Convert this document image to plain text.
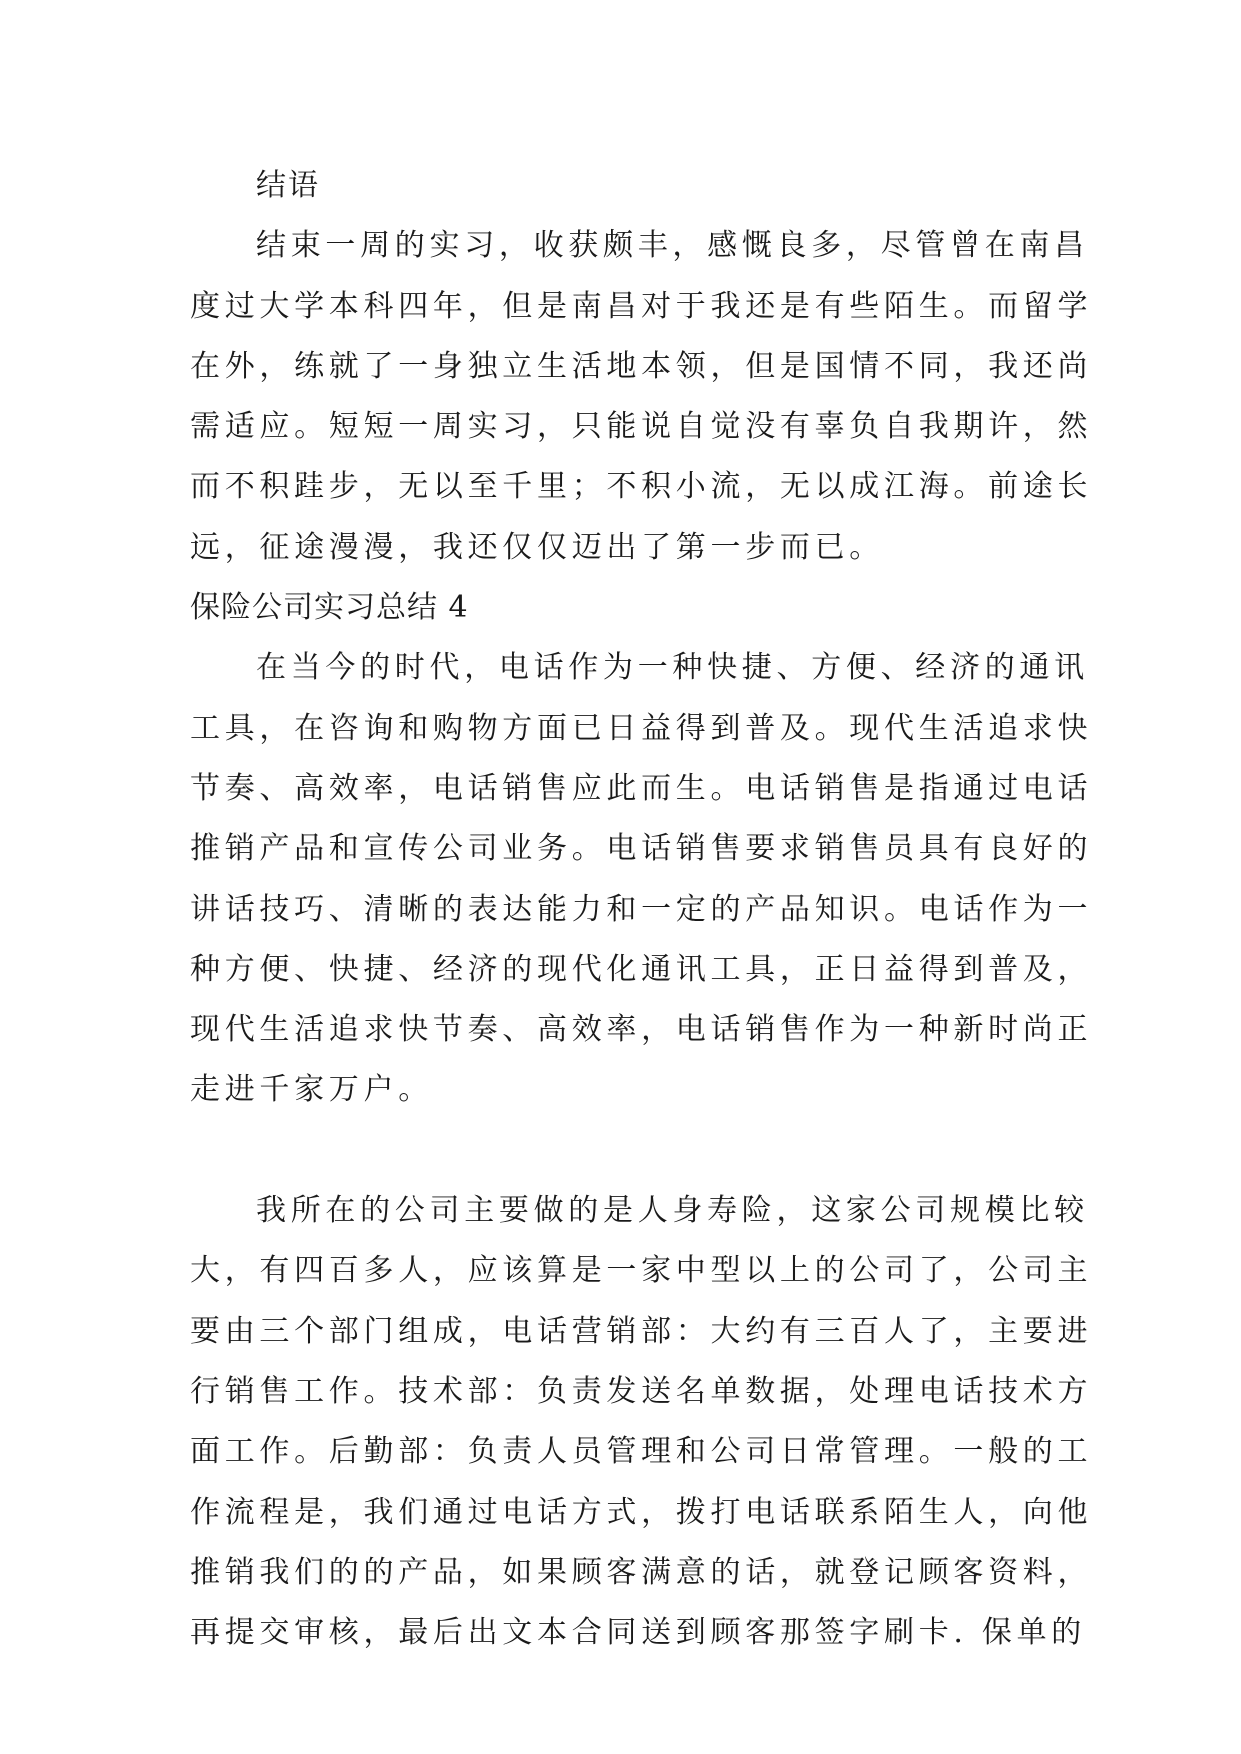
结语
结束一周的实习，收获颇丰，感慨良多，尽管曾在南昌
度过大学本科四年，但是南昌对于我还是有些陌生。而留学
在外，练就了一身独立生活地本领，但是国情不同，我还尚
需适应。短短一周实习，只能说自觉没有辜负自我期许，然
而不积跬步，无以至千里；不积小流，无以成江海。前途长
远，征途漫漫，我还仅仅迈出了第一步而已。
保险公司实习总结 4
在当今的时代，电话作为一种快捷、方便、经济的通讯
工具，在咨询和购物方面已日益得到普及。现代生活追求快
节奏、高效率，电话销售应此而生。电话销售是指通过电话
推销产品和宣传公司业务。电话销售要求销售员具有良好的
讲话技巧、清晰的表达能力和一定的产品知识。电话作为一
种方便、快捷、经济的现代化通讯工具，正日益得到普及，
现代生活追求快节奏、高效率，电话销售作为一种新时尚正
走进千家万户。
我所在的公司主要做的是人身寿险，这家公司规模比较
大，有四百多人，应该算是一家中型以上的公司了，公司主
要由三个部门组成，电话营销部：大约有三百人了，主要进
行销售工作。技术部：负责发送名单数据，处理电话技术方
面工作。后勤部：负责人员管理和公司日常管理。一般的工
作流程是，我们通过电话方式，拨打电话联系陌生人，向他
推销我们的的产品，如果顾客满意的话，就登记顾客资料，
再提交审核，最后出文本合同送到顾客那签字刷卡. 保单的
